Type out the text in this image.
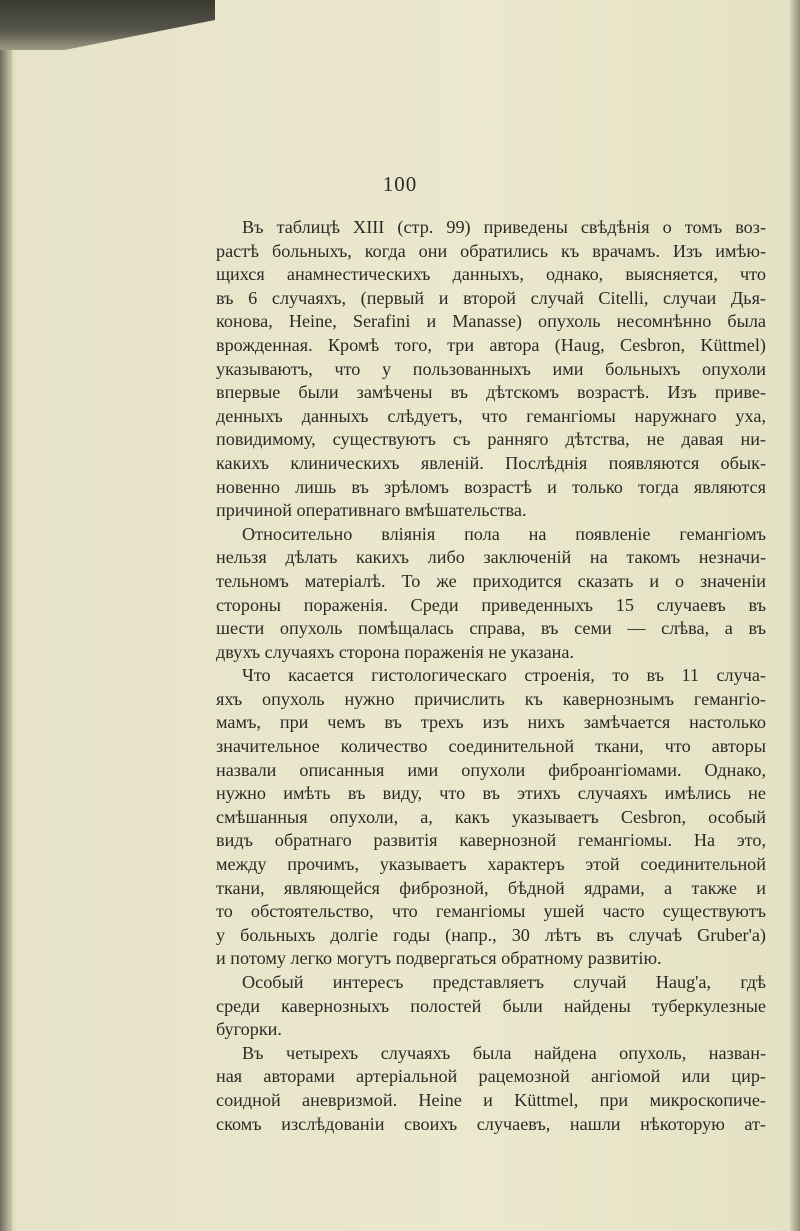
100
Въ таблицѣ XIII (стр. 99) приведены свѣдѣнія о томъ воз-
растѣ больныхъ, когда они обратились къ врачамъ. Изъ имѣю-
щихся анамнестическихъ данныхъ, однако, выясняется, что
въ 6 случаяхъ, (первый и второй случай Citelli, случаи Дья-
конова, Heine, Serafini и Manasse) опухоль несомнѣнно была
врожденная. Кромѣ того, три автора (Haug, Cesbron, Küttmel)
указываютъ, что у пользованныхъ ими больныхъ опухоли
впервые были замѣчены въ дѣтскомъ возрастѣ. Изъ приве-
денныхъ данныхъ слѣдуетъ, что гемангіомы наружнаго уха,
повидимому, существуютъ съ ранняго дѣтства, не давая ни-
какихъ клиническихъ явленій. Послѣднія появляются обык-
новенно лишь въ зрѣломъ возрастѣ и только тогда являются
причиной оперативнаго вмѣшательства.
Относительно вліянія пола на появленіе гемангіомъ
нельзя дѣлать какихъ либо заключеній на такомъ незначи-
тельномъ матеріалѣ. То же приходится сказать и о значеніи
стороны пораженія. Среди приведенныхъ 15 случаевъ въ
шести опухоль помѣщалась справа, въ семи — слѣва, а въ
двухъ случаяхъ сторона пораженія не указана.
Что касается гистологическаго строенія, то въ 11 случа-
яхъ опухоль нужно причислить къ кавернознымъ гемангіо-
мамъ, при чемъ въ трехъ изъ нихъ замѣчается настолько
значительное количество соединительной ткани, что авторы
назвали описанныя ими опухоли фиброангіомами. Однако,
нужно имѣть въ виду, что въ этихъ случаяхъ имѣлись не
смѣшанныя опухоли, а, какъ указываетъ Cesbron, особый
видъ обратнаго развитія кавернозной гемангіомы. На это,
между прочимъ, указываетъ характеръ этой соединительной
ткани, являющейся фиброзной, бѣдной ядрами, а также и
то обстоятельство, что гемангіомы ушей часто существуютъ
у больныхъ долгіе годы (напр., 30 лѣтъ въ случаѣ Gruber'а)
и потому легко могутъ подвергаться обратному развитію.
Особый интересъ представляетъ случай Haug'а, гдѣ
среди кавернозныхъ полостей были найдены туберкулезные
бугорки.
Въ четырехъ случаяхъ была найдена опухоль, назван-
ная авторами артеріальной рацемозной ангіомой или цир-
соидной аневризмой. Heine и Küttmel, при микроскопиче-
скомъ изслѣдованіи своихъ случаевъ, нашли нѣкоторую ат-
